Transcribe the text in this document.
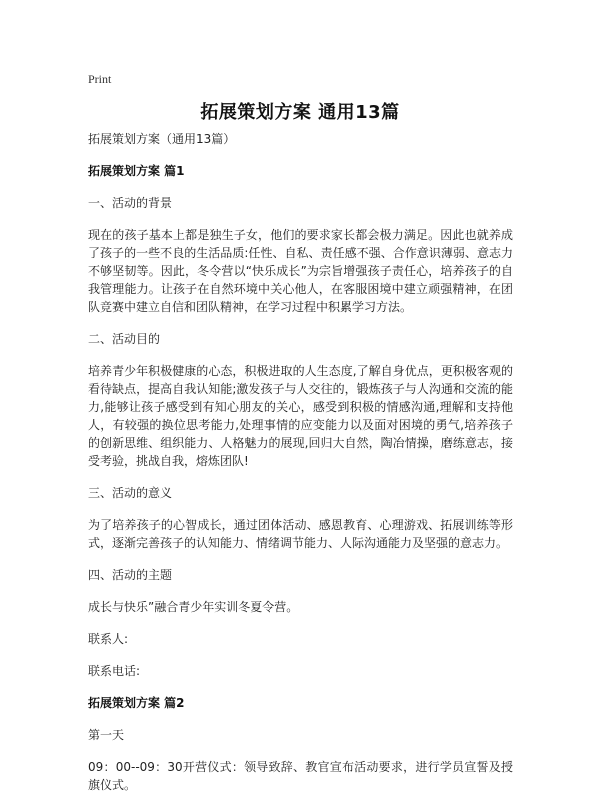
Print
拓展策划方案 通用13篇

拓展策划方案（通用13篇）

拓展策划方案 篇1

一、活动的背景

现在的孩子基本上都是独生子女，他们的要求家长都会极力满足。因此也就养成了孩子的一些不良的生活品质:任性、自私、责任感不强、合作意识薄弱、意志力不够坚韧等。因此，冬令营以“快乐成长”为宗旨增强孩子责任心，培养孩子的自我管理能力。让孩子在自然环境中关心他人，在客服困境中建立顽强精神，在团队竞赛中建立自信和团队精神，在学习过程中积累学习方法。

二、活动目的

培养青少年积极健康的心态，积极进取的人生态度,了解自身优点，更积极客观的看待缺点，提高自我认知能;激发孩子与人交往的，锻炼孩子与人沟通和交流的能力,能够让孩子感受到有知心朋友的关心，感受到积极的情感沟通,理解和支持他人，有较强的换位思考能力,处理事情的应变能力以及面对困境的勇气,培养孩子的创新思维、组织能力、人格魅力的展现,回归大自然，陶冶情操，磨练意志，接受考验，挑战自我，熔炼团队!

三、活动的意义

为了培养孩子的心智成长，通过团体活动、感恩教育、心理游戏、拓展训练等形式，逐渐完善孩子的认知能力、情绪调节能力、人际沟通能力及坚强的意志力。

四、活动的主题

成长与快乐”融合青少年实训冬夏令营。

联系人:

联系电话:

拓展策划方案 篇2

第一天

09：00--09：30开营仪式：领导致辞、教官宣布活动要求，进行学员宣誓及授旗仪式。
